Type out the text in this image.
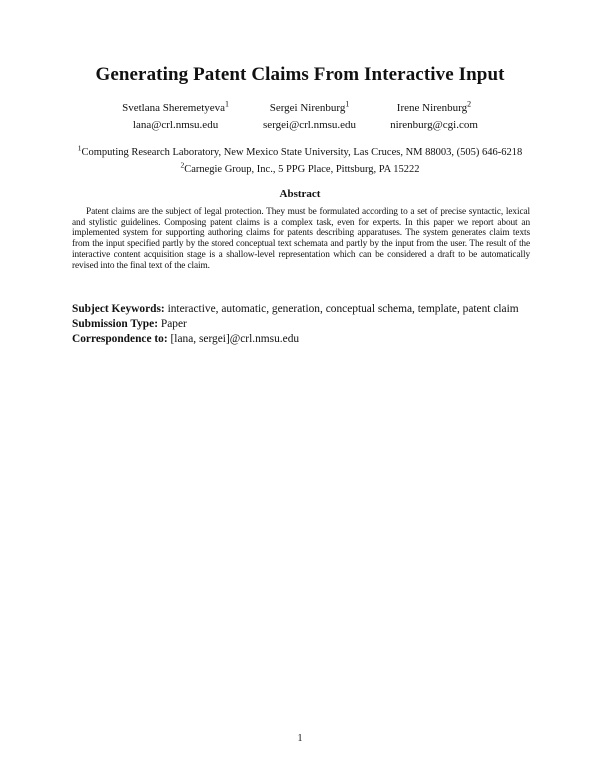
Generating Patent Claims From Interactive Input
Svetlana Sheremetyeva$^1$
lana@crl.nmsu.edu
Sergei Nirenburg$^1$
sergei@crl.nmsu.edu
Irene Nirenburg$^2$
nirenburg@cgi.com
$^1$Computing Research Laboratory, New Mexico State University, Las Cruces, NM 88003, (505) 646-6218
$^2$Carnegie Group, Inc., 5 PPG Place, Pittsburg, PA 15222
Abstract
Patent claims are the subject of legal protection. They must be formulated according to a set of precise syntactic, lexical and stylistic guidelines. Composing patent claims is a complex task, even for experts. In this paper we report about an implemented system for supporting authoring claims for patents describing apparatuses. The system generates claim texts from the input specified partly by the stored conceptual text schemata and partly by the input from the user. The result of the interactive content acquisition stage is a shallow-level representation which can be considered a draft to be automatically revised into the final text of the claim.
Subject Keywords: interactive, automatic, generation, conceptual schema, template, patent claim
Submission Type: Paper
Correspondence to: [lana, sergei]@crl.nmsu.edu
1
